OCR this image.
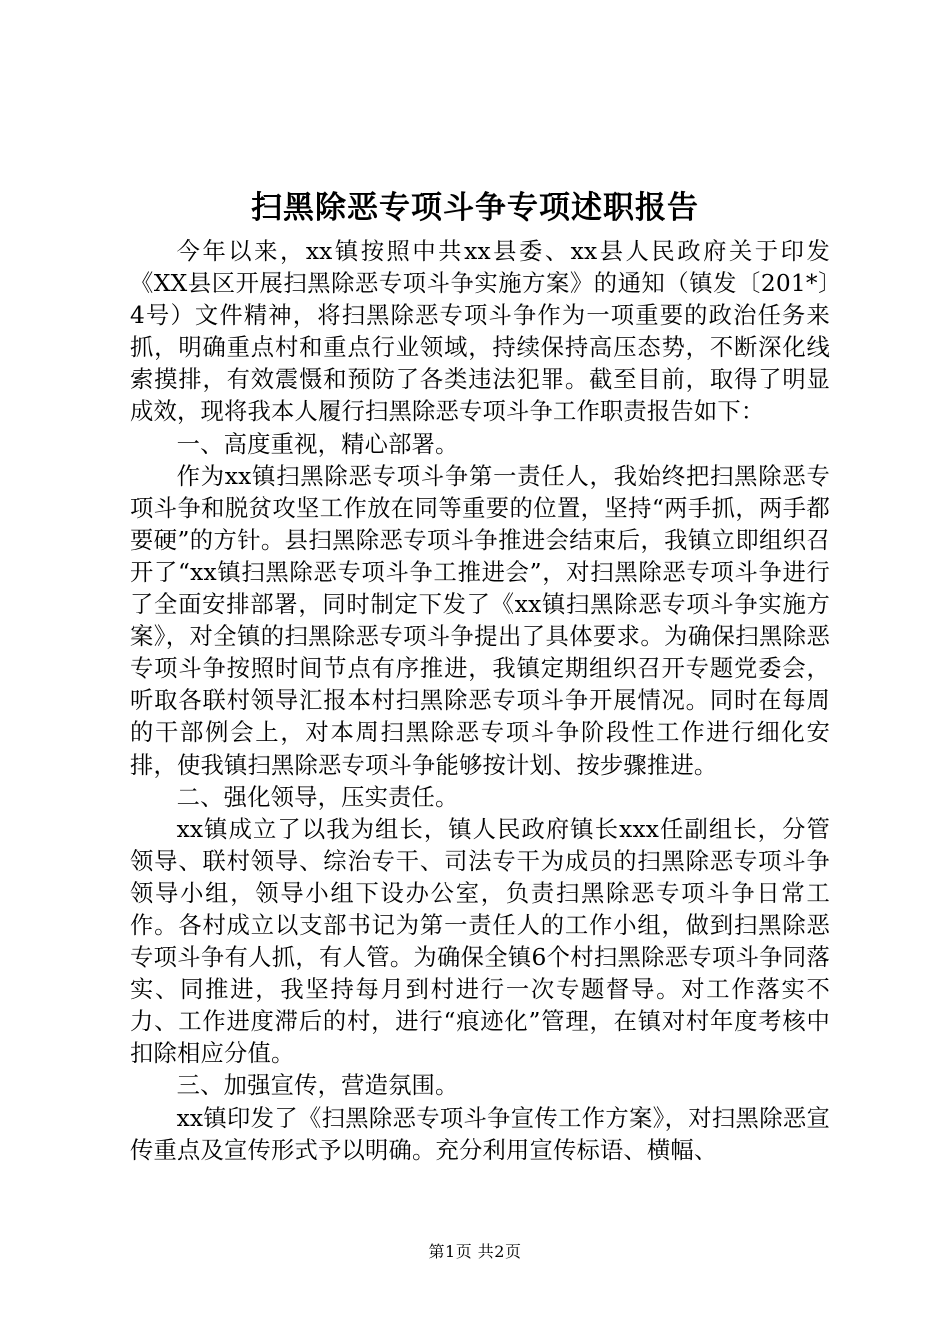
扫黑除恶专项斗争专项述职报告

今年以来，xx镇按照中共xx县委、xx县人民政府关于印发《XX县区开展扫黑除恶专项斗争实施方案》的通知（镇发〔201*〕4号）文件精神，将扫黑除恶专项斗争作为一项重要的政治任务来抓，明确重点村和重点行业领域，持续保持高压态势，不断深化线索摸排，有效震慑和预防了各类违法犯罪。截至目前，取得了明显成效，现将我本人履行扫黑除恶专项斗争工作职责报告如下：

一、高度重视，精心部署。

作为xx镇扫黑除恶专项斗争第一责任人，我始终把扫黑除恶专项斗争和脱贫攻坚工作放在同等重要的位置，坚持“两手抓，两手都要硬”的方针。县扫黑除恶专项斗争推进会结束后，我镇立即组织召开了“xx镇扫黑除恶专项斗争工推进会”，对扫黑除恶专项斗争进行了全面安排部署，同时制定下发了《xx镇扫黑除恶专项斗争实施方案》，对全镇的扫黑除恶专项斗争提出了具体要求。为确保扫黑除恶专项斗争按照时间节点有序推进，我镇定期组织召开专题党委会，听取各联村领导汇报本村扫黑除恶专项斗争开展情况。同时在每周的干部例会上，对本周扫黑除恶专项斗争阶段性工作进行细化安排，使我镇扫黑除恶专项斗争能够按计划、按步骤推进。

二、强化领导，压实责任。

xx镇成立了以我为组长，镇人民政府镇长xxx任副组长，分管领导、联村领导、综治专干、司法专干为成员的扫黑除恶专项斗争领导小组，领导小组下设办公室，负责扫黑除恶专项斗争日常工作。各村成立以支部书记为第一责任人的工作小组，做到扫黑除恶专项斗争有人抓，有人管。为确保全镇6个村扫黑除恶专项斗争同落实、同推进，我坚持每月到村进行一次专题督导。对工作落实不力、工作进度滞后的村，进行“痕迹化”管理，在镇对村年度考核中扣除相应分值。

三、加强宣传，营造氛围。

xx镇印发了《扫黑除恶专项斗争宣传工作方案》，对扫黑除恶宣传重点及宣传形式予以明确。充分利用宣传标语、横幅、

第1页 共2页
